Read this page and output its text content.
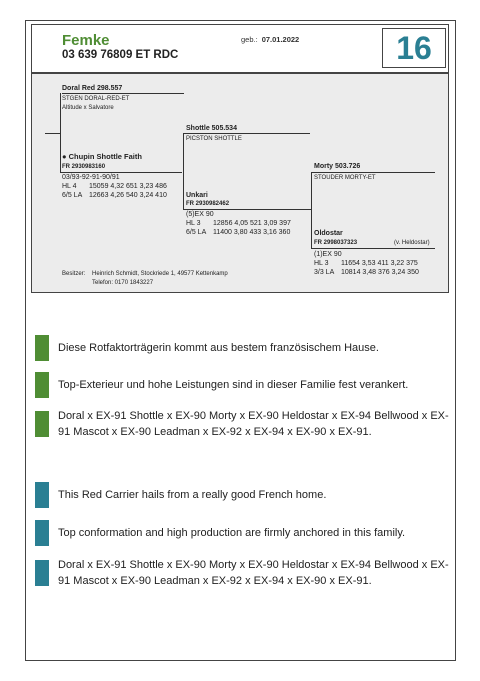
Femke
03 639 76809 ET RDC
geb.: 07.01.2022	16
Doral Red 298.557
STGEN DORAL-RED-ET
Altitude x Salvatore
Shottle 505.534
PICSTON SHOTTLE
● Chupin Shottle Faith
FR 2930983160
03/93-92-91-90/91
HL 4 15059 4,32 651 3,23 486
6/5 LA 12663 4,26 540 3,24 410
Morty 503.726
STOUDER MORTY-ET
Unkari
FR 2930982462
(5)EX 90
HL 3 12856 4,05 521 3,09 397
6/5 LA 11400 3,80 433 3,16 360	Oldostar
FR 2998037323	(v. Heldostar)
(1)EX 90
HL 3 11654 3,53 411 3,22 375
3/3 LA 10814 3,48 376 3,24 350
Besitzer: Heinrich Schmidt, Stockriede 1, 49577 Kettenkamp
Telefon: 0170 1843227
Diese Rotfaktorträgerin kommt aus bestem französischem Hause.
Top-Exterieur und hohe Leistungen sind in dieser Familie fest verankert.
Doral x EX-91 Shottle x EX-90 Morty x EX-90 Heldostar x EX-94 Bellwood x EX-91 Mascot x EX-90 Leadman x EX-92 x EX-94 x EX-90 x EX-91.
This Red Carrier hails from a really good French home.
Top conformation and high production are firmly anchored in this family.
Doral x EX-91 Shottle x EX-90 Morty x EX-90 Heldostar x EX-94 Bellwood x EX-91 Mascot x EX-90 Leadman x EX-92 x EX-94 x EX-90 x EX-91.
